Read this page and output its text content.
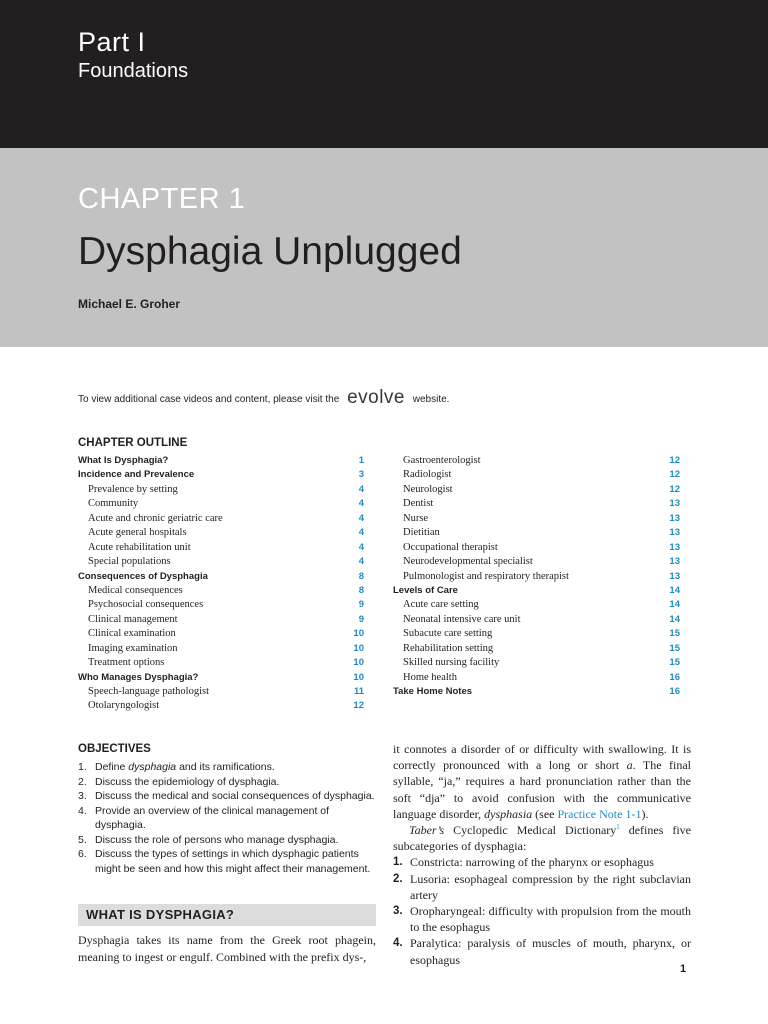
Part I
Foundations
CHAPTER 1
Dysphagia Unplugged
Michael E. Groher
To view additional case videos and content, please visit the evolve website.
CHAPTER OUTLINE
What Is Dysphagia?	1
Incidence and Prevalence	3
Prevalence by setting	4
Community	4
Acute and chronic geriatric care	4
Acute general hospitals	4
Acute rehabilitation unit	4
Special populations	4
Consequences of Dysphagia	8
Medical consequences	8
Psychosocial consequences	9
Clinical management	9
Clinical examination	10
Imaging examination	10
Treatment options	10
Who Manages Dysphagia?	10
Speech-language pathologist	11
Otolaryngologist	12
Gastroenterologist	12
Radiologist	12
Neurologist	12
Dentist	13
Nurse	13
Dietitian	13
Occupational therapist	13
Neurodevelopmental specialist	13
Pulmonologist and respiratory therapist	13
Levels of Care	14
Acute care setting	14
Neonatal intensive care unit	14
Subacute care setting	15
Rehabilitation setting	15
Skilled nursing facility	15
Home health	16
Take Home Notes	16
OBJECTIVES
1. Define dysphagia and its ramifications.
2. Discuss the epidemiology of dysphagia.
3. Discuss the medical and social consequences of dysphagia.
4. Provide an overview of the clinical management of dysphagia.
5. Discuss the role of persons who manage dysphagia.
6. Discuss the types of settings in which dysphagic patients might be seen and how this might affect their management.
WHAT IS DYSPHAGIA?

Dysphagia takes its name from the Greek root phagein, meaning to ingest or engulf. Combined with the prefix dys-,

it connotes a disorder of or difficulty with swallowing. It is correctly pronounced with a long or short a. The final syllable, “ja,” requires a hard pronunciation rather than the soft “dja” to avoid confusion with the communicative language disorder, dysphasia (see Practice Note 1-1).

Taber’s Cyclopedic Medical Dictionary$^1$ defines five subcategories of dysphagia:

1. Constricta: narrowing of the pharynx or esophagus
2. Lusoria: esophageal compression by the right subclavian artery
3. Oropharyngeal: difficulty with propulsion from the mouth to the esophagus
4. Paralytica: paralysis of muscles of mouth, pharynx, or esophagus
1
